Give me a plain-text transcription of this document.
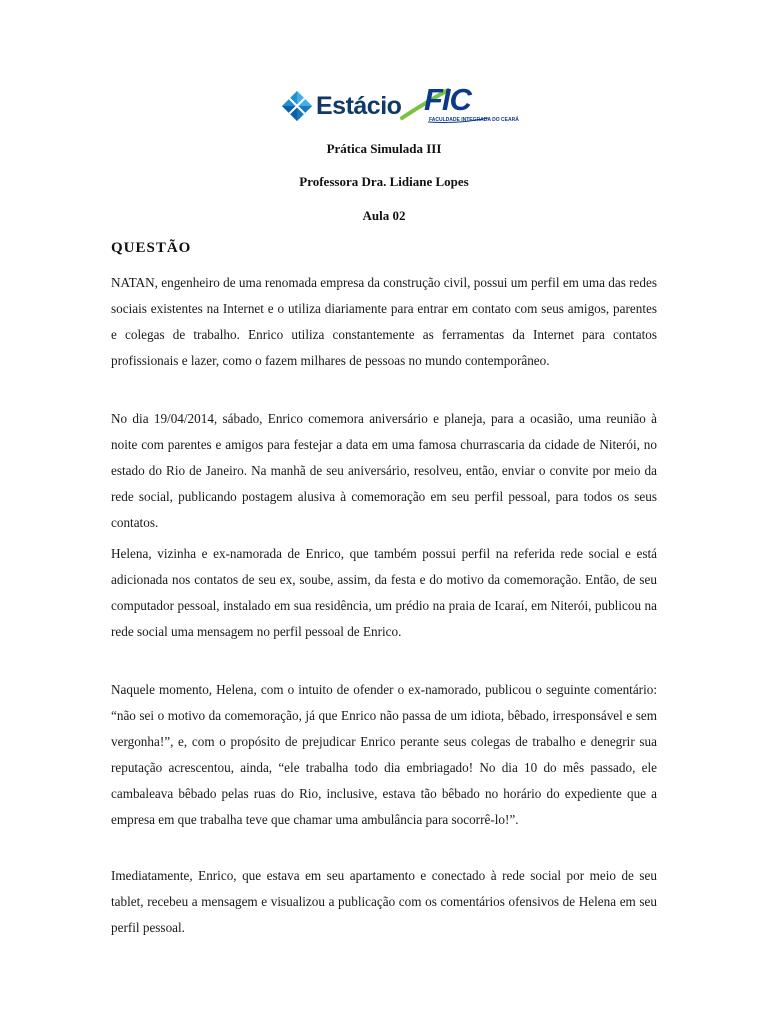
Estácio FIC
FACULDADE INTEGRADA DO CEARÁ
Prática Simulada III
Professora Dra. Lidiane Lopes
Aula 02
QUESTÃO

NATAN, engenheiro de uma renomada empresa da construção civil, possui um perfil em uma das redes sociais existentes na Internet e o utiliza diariamente para entrar em contato com seus amigos, parentes e colegas de trabalho. Enrico utiliza constantemente as ferramentas da Internet para contatos profissionais e lazer, como o fazem milhares de pessoas no mundo contemporâneo.

No dia 19/04/2014, sábado, Enrico comemora aniversário e planeja, para a ocasião, uma reunião à noite com parentes e amigos para festejar a data em uma famosa churrascaria da cidade de Niterói, no estado do Rio de Janeiro. Na manhã de seu aniversário, resolveu, então, enviar o convite por meio da rede social, publicando postagem alusiva à comemoração em seu perfil pessoal, para todos os seus contatos.

Helena, vizinha e ex-namorada de Enrico, que também possui perfil na referida rede social e está adicionada nos contatos de seu ex, soube, assim, da festa e do motivo da comemoração. Então, de seu computador pessoal, instalado em sua residência, um prédio na praia de Icaraí, em Niterói, publicou na rede social uma mensagem no perfil pessoal de Enrico.

Naquele momento, Helena, com o intuito de ofender o ex-namorado, publicou o seguinte comentário: “não sei o motivo da comemoração, já que Enrico não passa de um idiota, bêbado, irresponsável e sem vergonha!”, e, com o propósito de prejudicar Enrico perante seus colegas de trabalho e denegrir sua reputação acrescentou, ainda, “ele trabalha todo dia embriagado! No dia 10 do mês passado, ele cambaleava bêbado pelas ruas do Rio, inclusive, estava tão bêbado no horário do expediente que a empresa em que trabalha teve que chamar uma ambulância para socorrê-lo!”.

Imediatamente, Enrico, que estava em seu apartamento e conectado à rede social por meio de seu tablet, recebeu a mensagem e visualizou a publicação com os comentários ofensivos de Helena em seu perfil pessoal.
